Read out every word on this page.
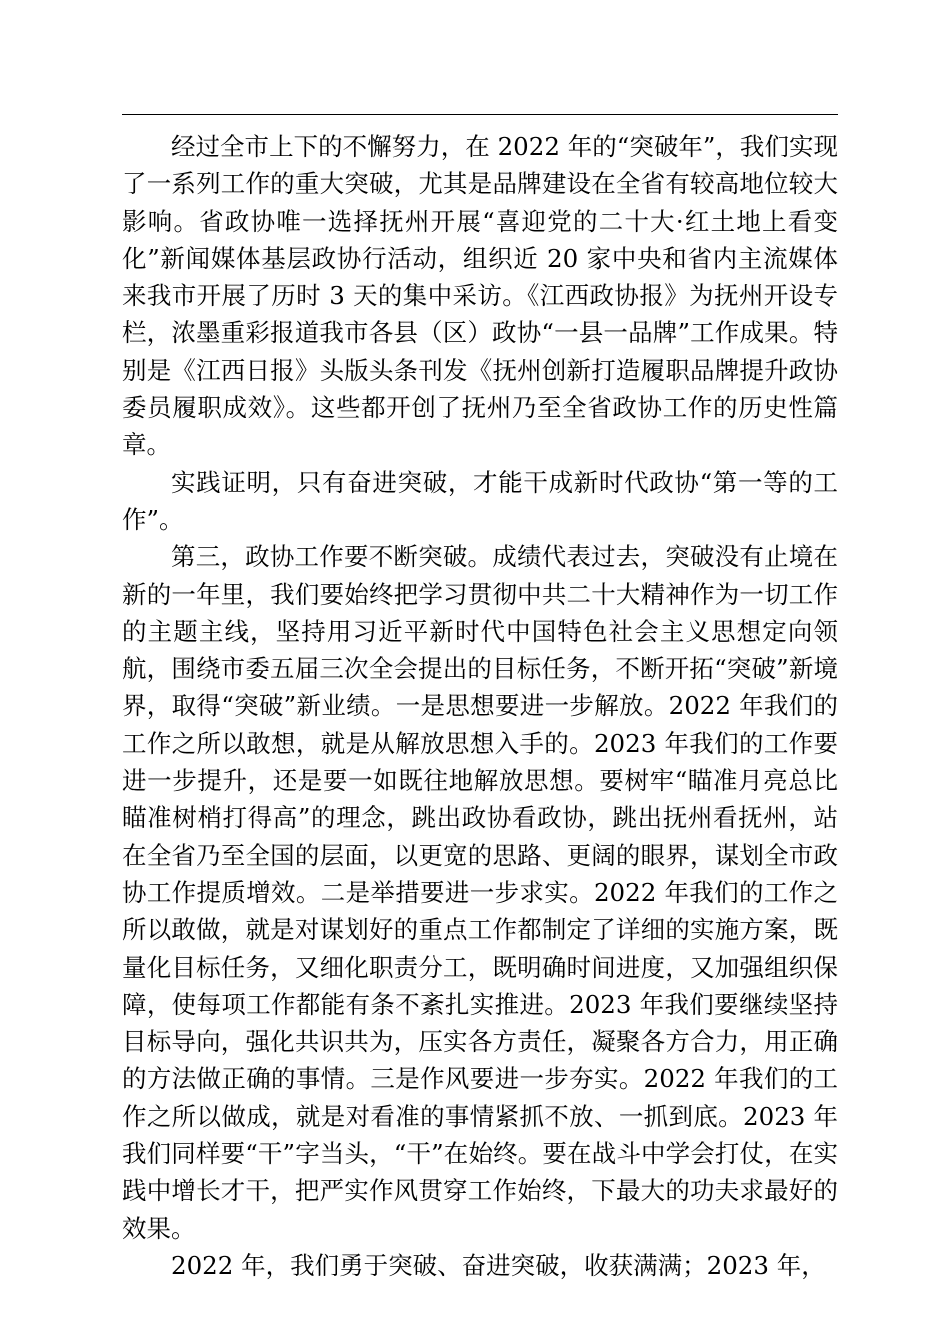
经过全市上下的不懈努力，在 2022 年的“突破年”，我们实现了一系列工作的重大突破，尤其是品牌建设在全省有较高地位较大影响。省政协唯一选择抚州开展“喜迎党的二十大·红土地上看变化”新闻媒体基层政协行活动，组织近 20 家中央和省内主流媒体来我市开展了历时 3 天的集中采访。《江西政协报》为抚州开设专栏，浓墨重彩报道我市各县（区）政协“一县一品牌”工作成果。特别是《江西日报》头版头条刊发《抚州创新打造履职品牌提升政协委员履职成效》。这些都开创了抚州乃至全省政协工作的历史性篇章。

实践证明，只有奋进突破，才能干成新时代政协“第一等的工作”。

第三，政协工作要不断突破。成绩代表过去，突破没有止境在新的一年里，我们要始终把学习贯彻中共二十大精神作为一切工作的主题主线，坚持用习近平新时代中国特色社会主义思想定向领航，围绕市委五届三次全会提出的目标任务，不断开拓“突破”新境界，取得“突破”新业绩。一是思想要进一步解放。2022 年我们的工作之所以敢想，就是从解放思想入手的。2023 年我们的工作要进一步提升，还是要一如既往地解放思想。要树牢“瞄准月亮总比瞄准树梢打得高”的理念，跳出政协看政协，跳出抚州看抚州，站在全省乃至全国的层面，以更宽的思路、更阔的眼界，谋划全市政协工作提质增效。二是举措要进一步求实。2022 年我们的工作之所以敢做，就是对谋划好的重点工作都制定了详细的实施方案，既量化目标任务，又细化职责分工，既明确时间进度，又加强组织保障，使每项工作都能有条不紊扎实推进。2023 年我们要继续坚持目标导向，强化共识共为，压实各方责任，凝聚各方合力，用正确的方法做正确的事情。三是作风要进一步夯实。2022 年我们的工作之所以做成，就是对看准的事情紧抓不放、一抓到底。2023 年我们同样要“干”字当头，“干”在始终。要在战斗中学会打仗，在实践中增长才干，把严实作风贯穿工作始终，下最大的功夫求最好的效果。

2022 年，我们勇于突破、奋进突破，收获满满；2023 年，
